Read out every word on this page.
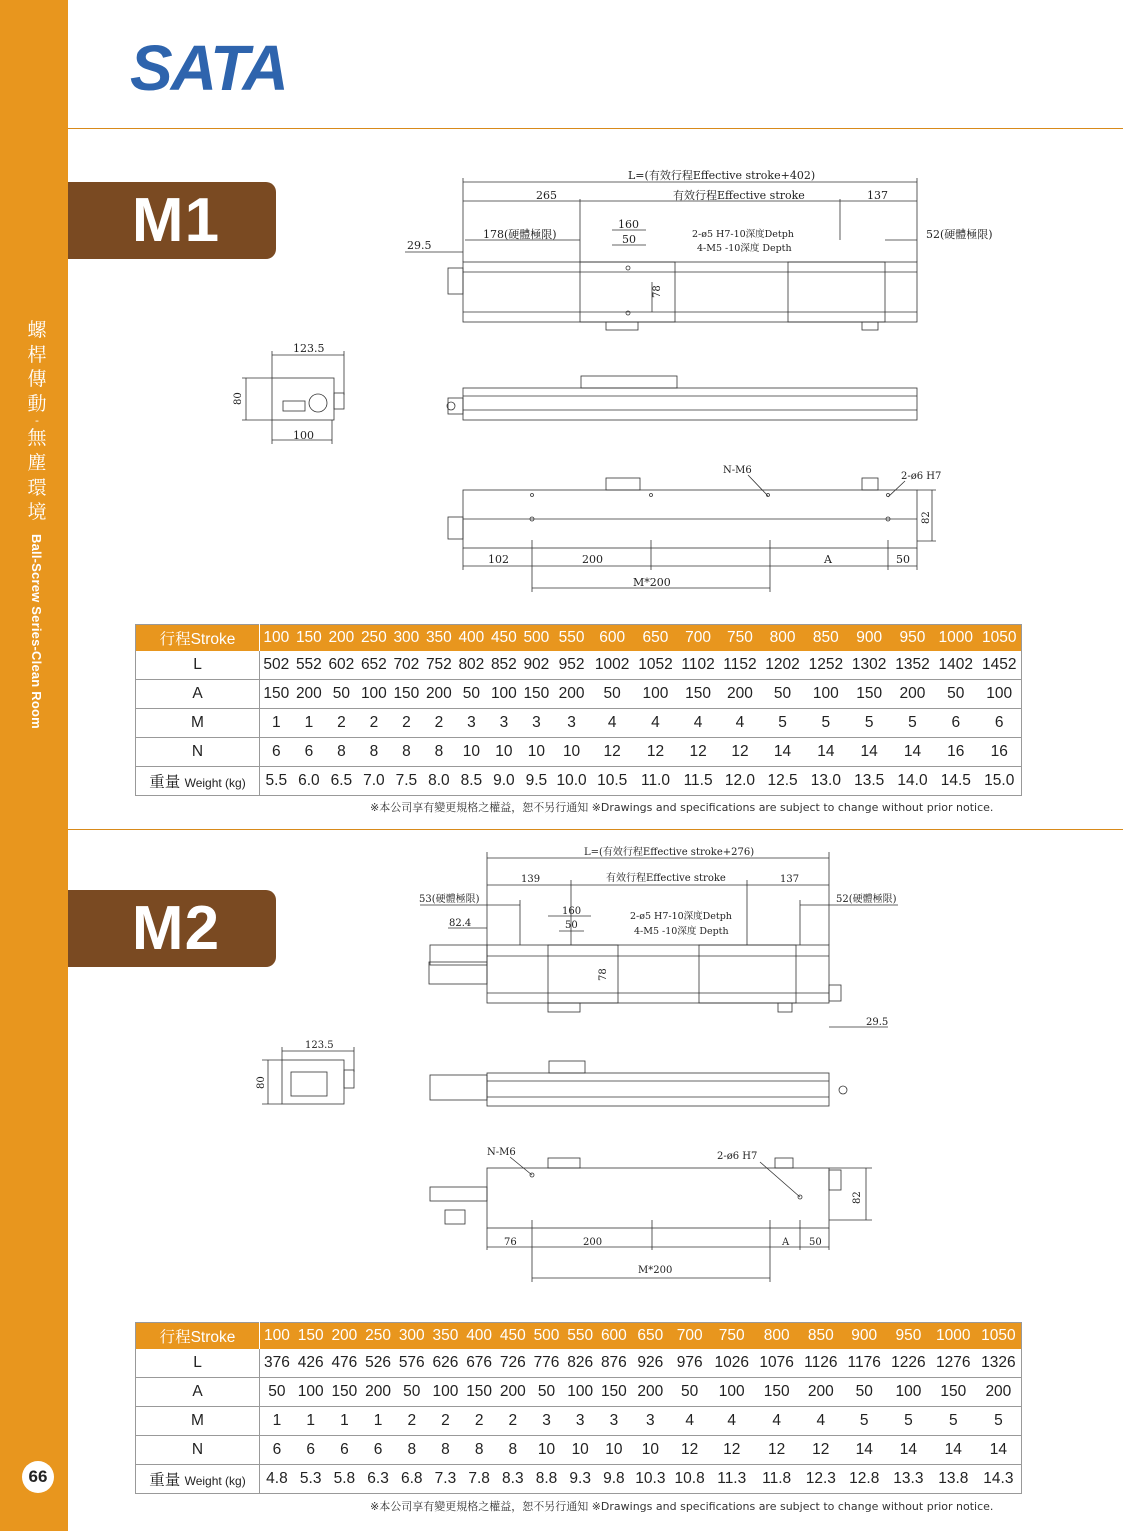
螺
桿
傳
動
-
無
塵
環
境
Ball-Screw Series-Clean Room
66
SATA
M1
M2
L=(有效行程Effective stroke+402)
265	有效行程Effective stroke	137
178(硬體極限)
160
50	2-ø5 H7-10深度Detph
4-M5 -10深度 Depth
52(硬體極限)
29.5
78
123.5
80
100
N-M6
2-ø6 H7
82
102	200	A	50
M*200
L=(有效行程Effective stroke+276)
139	有效行程Effective stroke	137
53(硬體極限)
160
50
2-ø5 H7-10深度Detph
4-M5 -10深度 Depth
52(硬體極限)
82.4
29.5
78
123.5
80
N-M6	2-ø6 H7
82
76	200	A 50
M*200
行程Stroke	100	150	200	250	300	350	400	450	500	550	600	650	700	750	800	850	900	950	1000	1050
L	502	552	602	652	702	752	802	852	902	952	1002	1052	1102	1152	1202	1252	1302	1352	1402	1452
A	150	200	50	100	150	200	50	100	150	200	50	100	150	200	50	100	150	200	50	100
M	1	1	2	2	2	2	3	3	3	3	4	4	4	4	5	5	5	5	6	6
N	6	6	8	8	8	8	10	10	10	10	12	12	12	12	14	14	14	14	16	16
重量 Weight (kg)	5.5	6.0	6.5	7.0	7.5	8.0	8.5	9.0	9.5	10.0	10.5	11.0	11.5	12.0	12.5	13.0	13.5	14.0	14.5	15.0
※本公司享有變更規格之權益，恕不另行通知 ※Drawings and specifications are subject to change without prior notice.
行程Stroke	100	150	200	250	300	350	400	450	500	550	600	650	700	750	800	850	900	950	1000	1050
L	376	426	476	526	576	626	676	726	776	826	876	926	976	1026	1076	1126	1176	1226	1276	1326
A	50	100	150	200	50	100	150	200	50	100	150	200	50	100	150	200	50	100	150	200
M	1	1	1	1	2	2	2	2	3	3	3	3	4	4	4	4	5	5	5	5
N	6	6	6	6	8	8	8	8	10	10	10	10	12	12	12	12	14	14	14	14
重量 Weight (kg)	4.8	5.3	5.8	6.3	6.8	7.3	7.8	8.3	8.8	9.3	9.8	10.3	10.8	11.3	11.8	12.3	12.8	13.3	13.8	14.3
※本公司享有變更規格之權益，恕不另行通知 ※Drawings and specifications are subject to change without prior notice.
